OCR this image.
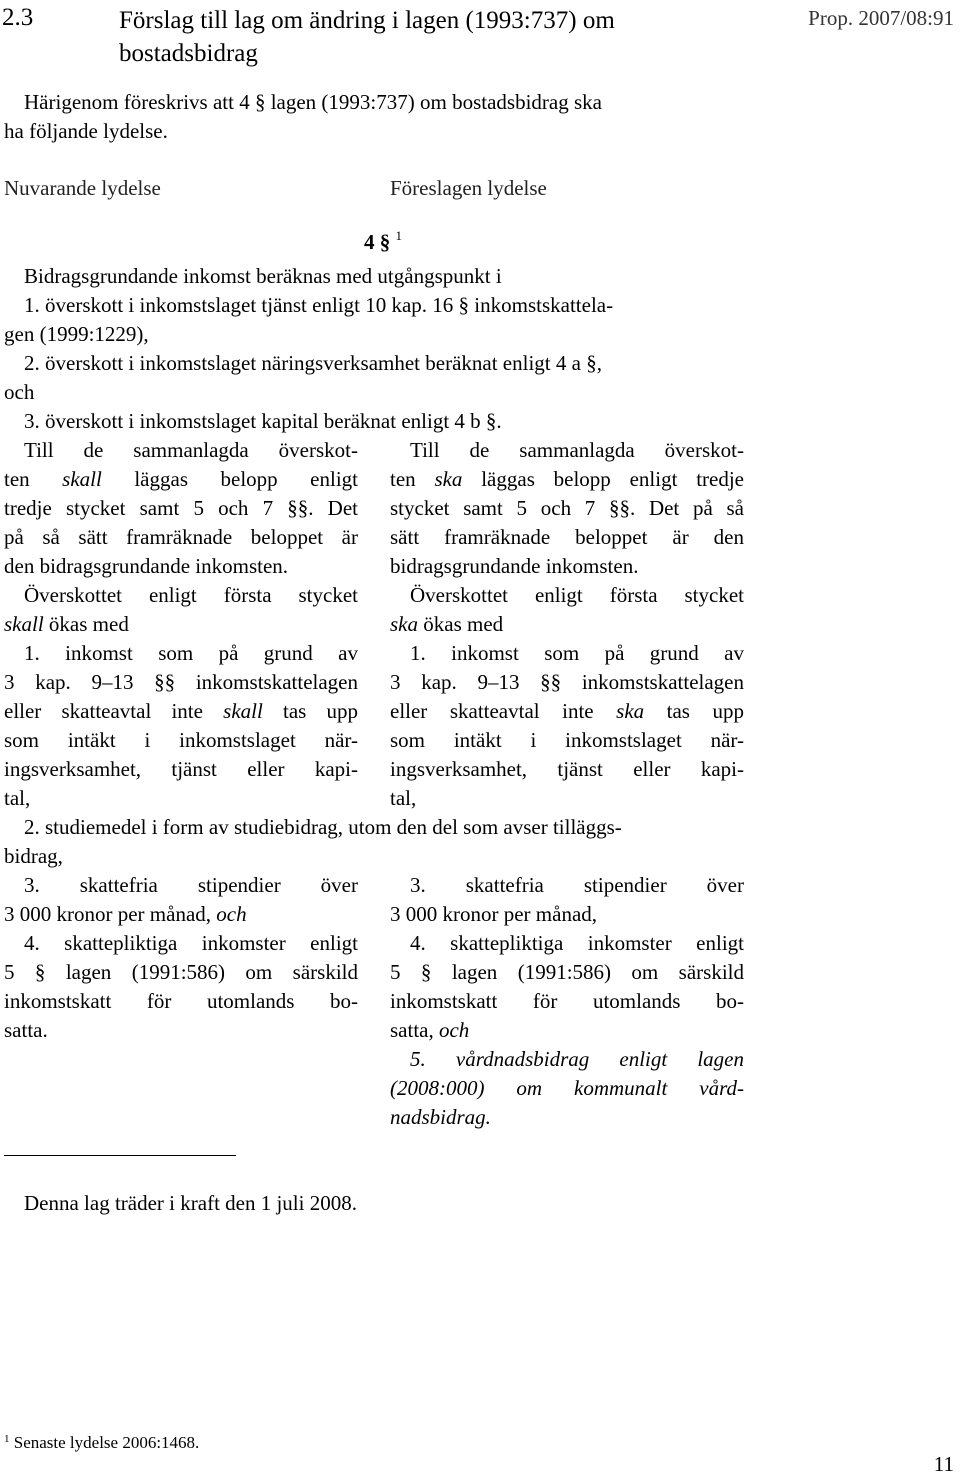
2.3	Förslag till lag om ändring i lagen (1993:737) om
bostadsbidrag
Prop. 2007/08:91
Härigenom föreskrivs att 4 § lagen (1993:737) om bostadsbidrag ska
ha följande lydelse.
Nuvarande lydelse	Föreslagen lydelse
4 § $^1$
Bidragsgrundande inkomst beräknas med utgångspunkt i
1. överskott i inkomstslaget tjänst enligt 10 kap. 16 § inkomstskattela-
gen (1999:1229),
2. överskott i inkomstslaget näringsverksamhet beräknat enligt 4 a §,
och
3. överskott i inkomstslaget kapital beräknat enligt 4 b §.
Till de sammanlagda överskot-
ten skall läggas belopp enligt
tredje stycket samt 5 och 7 §§. Det
på så sätt framräknade beloppet är
den bidragsgrundande inkomsten.
Överskottet enligt första stycket
skall ökas med
1. inkomst som på grund av
3 kap. 9–13 §§ inkomstskattelagen
eller skatteavtal inte skall tas upp
som intäkt i inkomstslaget när-
ingsverksamhet, tjänst eller kapi-
tal,
Till de sammanlagda överskot-
ten ska läggas belopp enligt tredje
stycket samt 5 och 7 §§. Det på så
sätt framräknade beloppet är den
bidragsgrundande inkomsten.
Överskottet enligt första stycket
ska ökas med
1. inkomst som på grund av
3 kap. 9–13 §§ inkomstskattelagen
eller skatteavtal inte ska tas upp
som intäkt i inkomstslaget när-
ingsverksamhet, tjänst eller kapi-
tal,
2. studiemedel i form av studiebidrag, utom den del som avser tilläggs-
bidrag,
3. skattefria stipendier över
3 000 kronor per månad, och
4. skattepliktiga inkomster enligt
5 § lagen (1991:586) om särskild
inkomstskatt för utomlands bo-
satta.
3. skattefria stipendier över
3 000 kronor per månad,
4. skattepliktiga inkomster enligt
5 § lagen (1991:586) om särskild
inkomstskatt för utomlands bo-
satta, och
5. vårdnadsbidrag enligt lagen
(2008:000) om kommunalt vård-
nadsbidrag.
Denna lag träder i kraft den 1 juli 2008.
$^1$ Senaste lydelse 2006:1468.
11
